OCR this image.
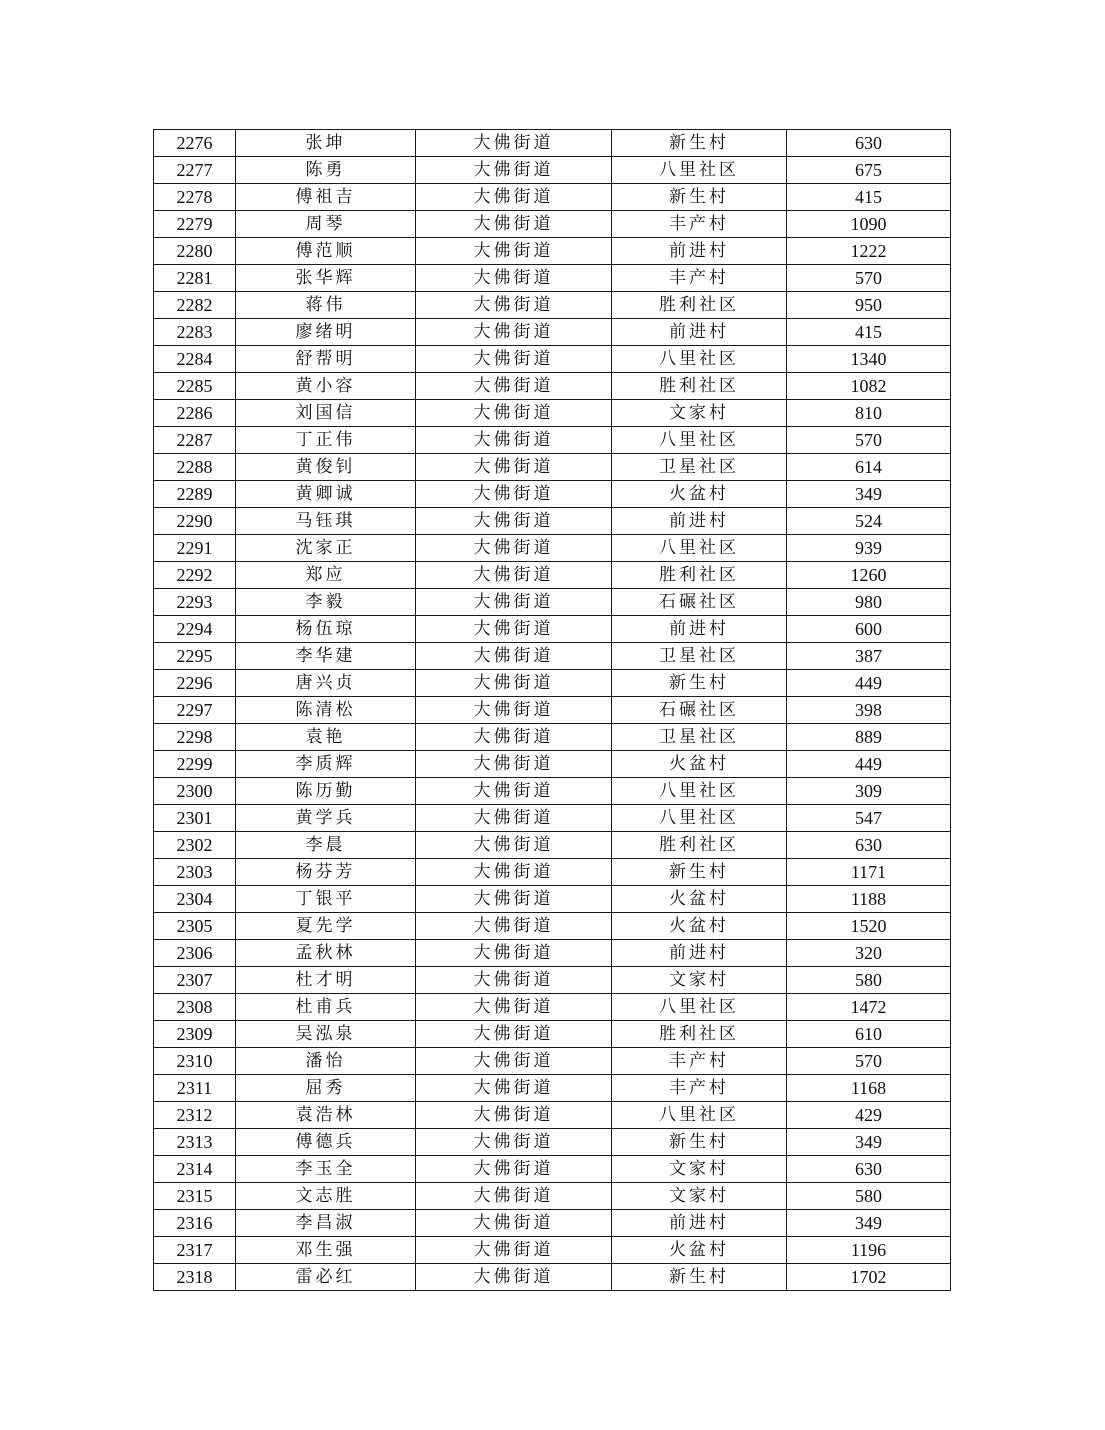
2276	张坤	大佛街道	新生村	630
2277	陈勇	大佛街道	八里社区	675
2278	傅祖吉	大佛街道	新生村	415
2279	周琴	大佛街道	丰产村	1090
2280	傅范顺	大佛街道	前进村	1222
2281	张华辉	大佛街道	丰产村	570
2282	蒋伟	大佛街道	胜利社区	950
2283	廖绪明	大佛街道	前进村	415
2284	舒帮明	大佛街道	八里社区	1340
2285	黄小容	大佛街道	胜利社区	1082
2286	刘国信	大佛街道	文家村	810
2287	丁正伟	大佛街道	八里社区	570
2288	黄俊钊	大佛街道	卫星社区	614
2289	黄卿诚	大佛街道	火盆村	349
2290	马钰琪	大佛街道	前进村	524
2291	沈家正	大佛街道	八里社区	939
2292	郑应	大佛街道	胜利社区	1260
2293	李毅	大佛街道	石碾社区	980
2294	杨伍琼	大佛街道	前进村	600
2295	李华建	大佛街道	卫星社区	387
2296	唐兴贞	大佛街道	新生村	449
2297	陈清松	大佛街道	石碾社区	398
2298	袁艳	大佛街道	卫星社区	889
2299	李质辉	大佛街道	火盆村	449
2300	陈历勤	大佛街道	八里社区	309
2301	黄学兵	大佛街道	八里社区	547
2302	李晨	大佛街道	胜利社区	630
2303	杨芬芳	大佛街道	新生村	1171
2304	丁银平	大佛街道	火盆村	1188
2305	夏先学	大佛街道	火盆村	1520
2306	孟秋林	大佛街道	前进村	320
2307	杜才明	大佛街道	文家村	580
2308	杜甫兵	大佛街道	八里社区	1472
2309	吴泓泉	大佛街道	胜利社区	610
2310	潘怡	大佛街道	丰产村	570
2311	屈秀	大佛街道	丰产村	1168
2312	袁浩林	大佛街道	八里社区	429
2313	傅德兵	大佛街道	新生村	349
2314	李玉全	大佛街道	文家村	630
2315	文志胜	大佛街道	文家村	580
2316	李昌淑	大佛街道	前进村	349
2317	邓生强	大佛街道	火盆村	1196
2318	雷必红	大佛街道	新生村	1702
